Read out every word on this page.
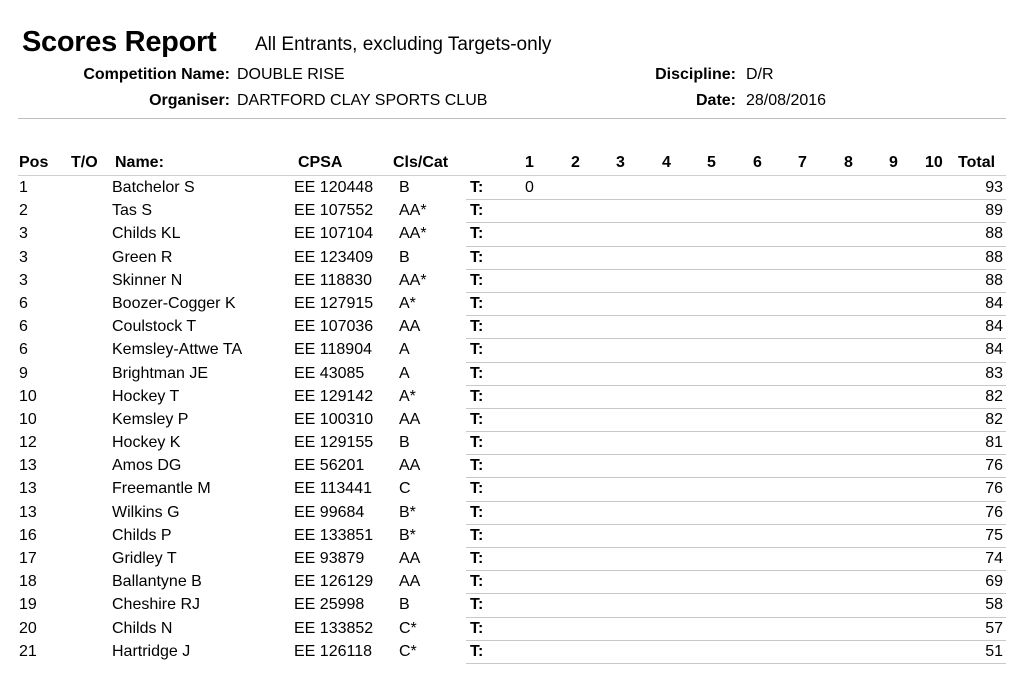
Scores Report All Entrants, excluding Targets-only
Competition Name: DOUBLE RISE
Organiser: DARTFORD CLAY SPORTS CLUB
Discipline: D/R
Date: 28/08/2016
Pos T/O Name:	CPSA	Cls/Cat	1 2 3 4 5 6 7 8 9 10 Total
1	Batchelor S	EE 120448 B	0	93
T:
2	Tas S	EE 107552 AA*	89
T:
3	Childs KL	EE 107104 AA*	88
T:
3	Green R	EE 123409 B	88
T:
3	Skinner N	EE 118830 AA*	88
T:
6	Boozer-Cogger K	EE 127915 A*	84
T:
6	Coulstock T	EE 107036 AA	84
T:
6	Kemsley-Attwe TA	EE 118904 A	84
T:
9	Brightman JE	EE 43085 A	83
T:
10	Hockey T	EE 129142 A*	82
T:
10	Kemsley P	EE 100310 AA	82
T:
12	Hockey K	EE 129155 B	81
T:
13	Amos DG	EE 56201 AA	76
T:
13	Freemantle M	EE 113441 C	76
T:
13	Wilkins G	EE 99684 B*	76
T:
16	Childs P	EE 133851 B*	75
T:
17	Gridley T	EE 93879 AA	74
T:
18	Ballantyne B	EE 126129 AA	69
T:
19	Cheshire RJ	EE 25998 B	58
T:
20	Childs N	EE 133852 C*	57
T:
21	Hartridge J	EE 126118 C*	51
T:
